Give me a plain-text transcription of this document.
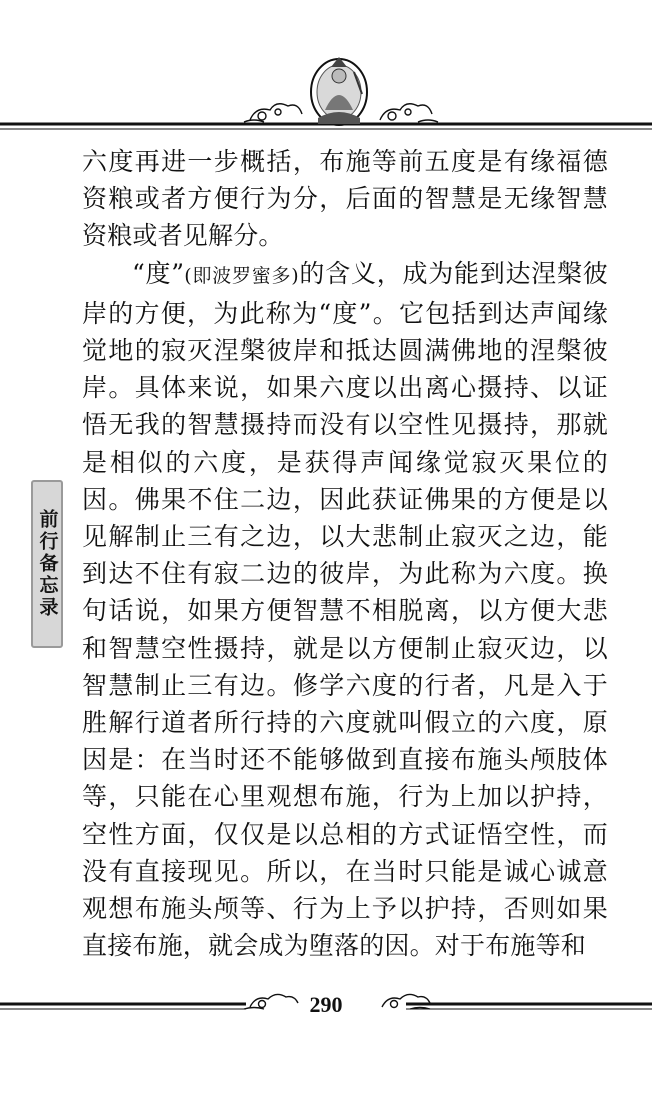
前行备忘录

六度再进一步概括，布施等前五度是有缘福德资粮或者方便行为分，后面的智慧是无缘智慧资粮或者见解分。

“度”(即波罗蜜多)的含义，成为能到达涅槃彼岸的方便，为此称为“度”。它包括到达声闻缘觉地的寂灭涅槃彼岸和抵达圆满佛地的涅槃彼岸。具体来说，如果六度以出离心摄持、以证悟无我的智慧摄持而没有以空性见摄持，那就是相似的六度，是获得声闻缘觉寂灭果位的因。佛果不住二边，因此获证佛果的方便是以见解制止三有之边，以大悲制止寂灭之边，能到达不住有寂二边的彼岸，为此称为六度。换句话说，如果方便智慧不相脱离，以方便大悲和智慧空性摄持，就是以方便制止寂灭边，以智慧制止三有边。修学六度的行者，凡是入于胜解行道者所行持的六度就叫假立的六度，原因是：在当时还不能够做到直接布施头颅肢体等，只能在心里观想布施，行为上加以护持，空性方面，仅仅是以总相的方式证悟空性，而没有直接现见。所以，在当时只能是诚心诚意观想布施头颅等、行为上予以护持，否则如果直接布施，就会成为堕落的因。对于布施等和

290
